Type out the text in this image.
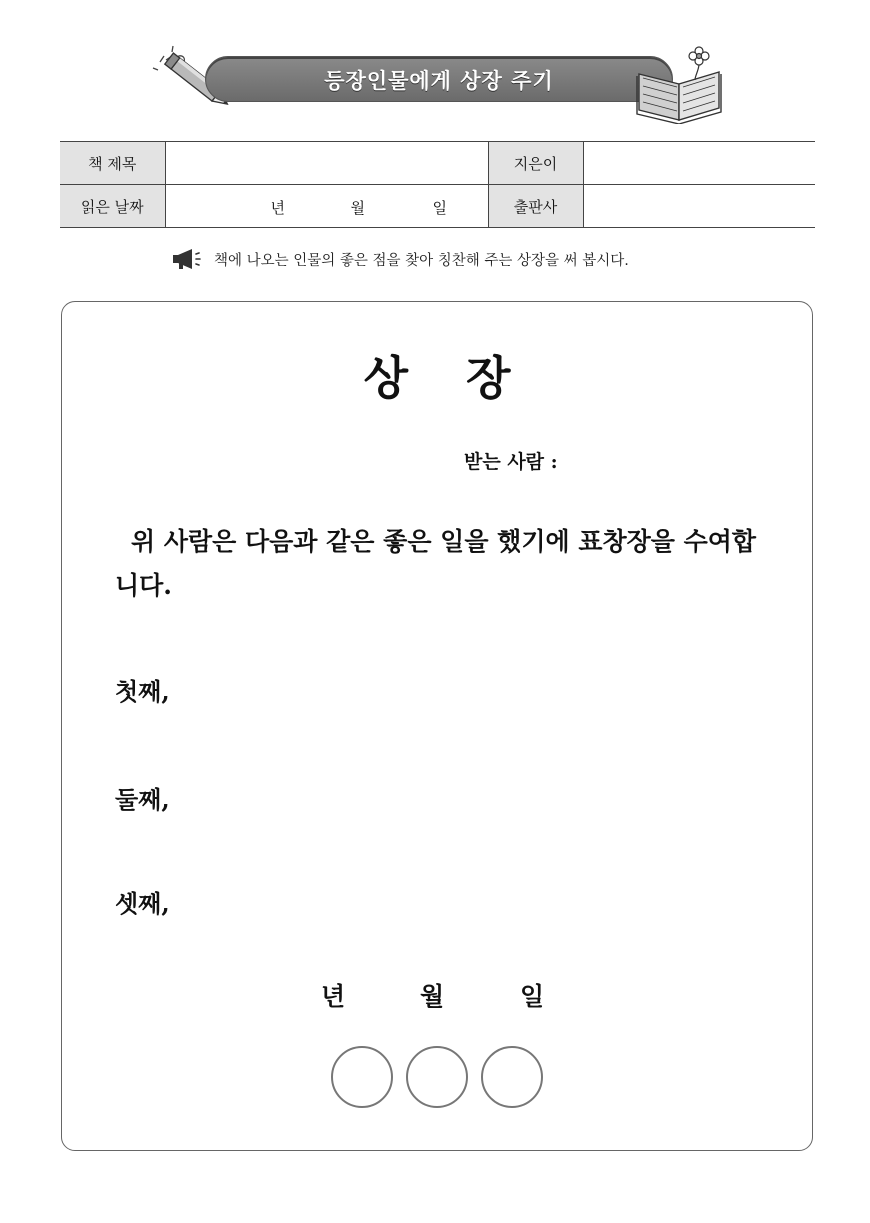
등장인물에게 상장 주기
책 제목		지은이	
읽은 날짜	년 월 일	출판사	
책에 나오는 인물의 좋은 점을 찾아 칭찬해 주는 상장을 써 봅시다.
상장
받는 사람 :
위 사람은 다음과 같은 좋은 일을 했기에 표창장을 수여합니다.
첫째,
둘째,
셋째,
년	월	일
